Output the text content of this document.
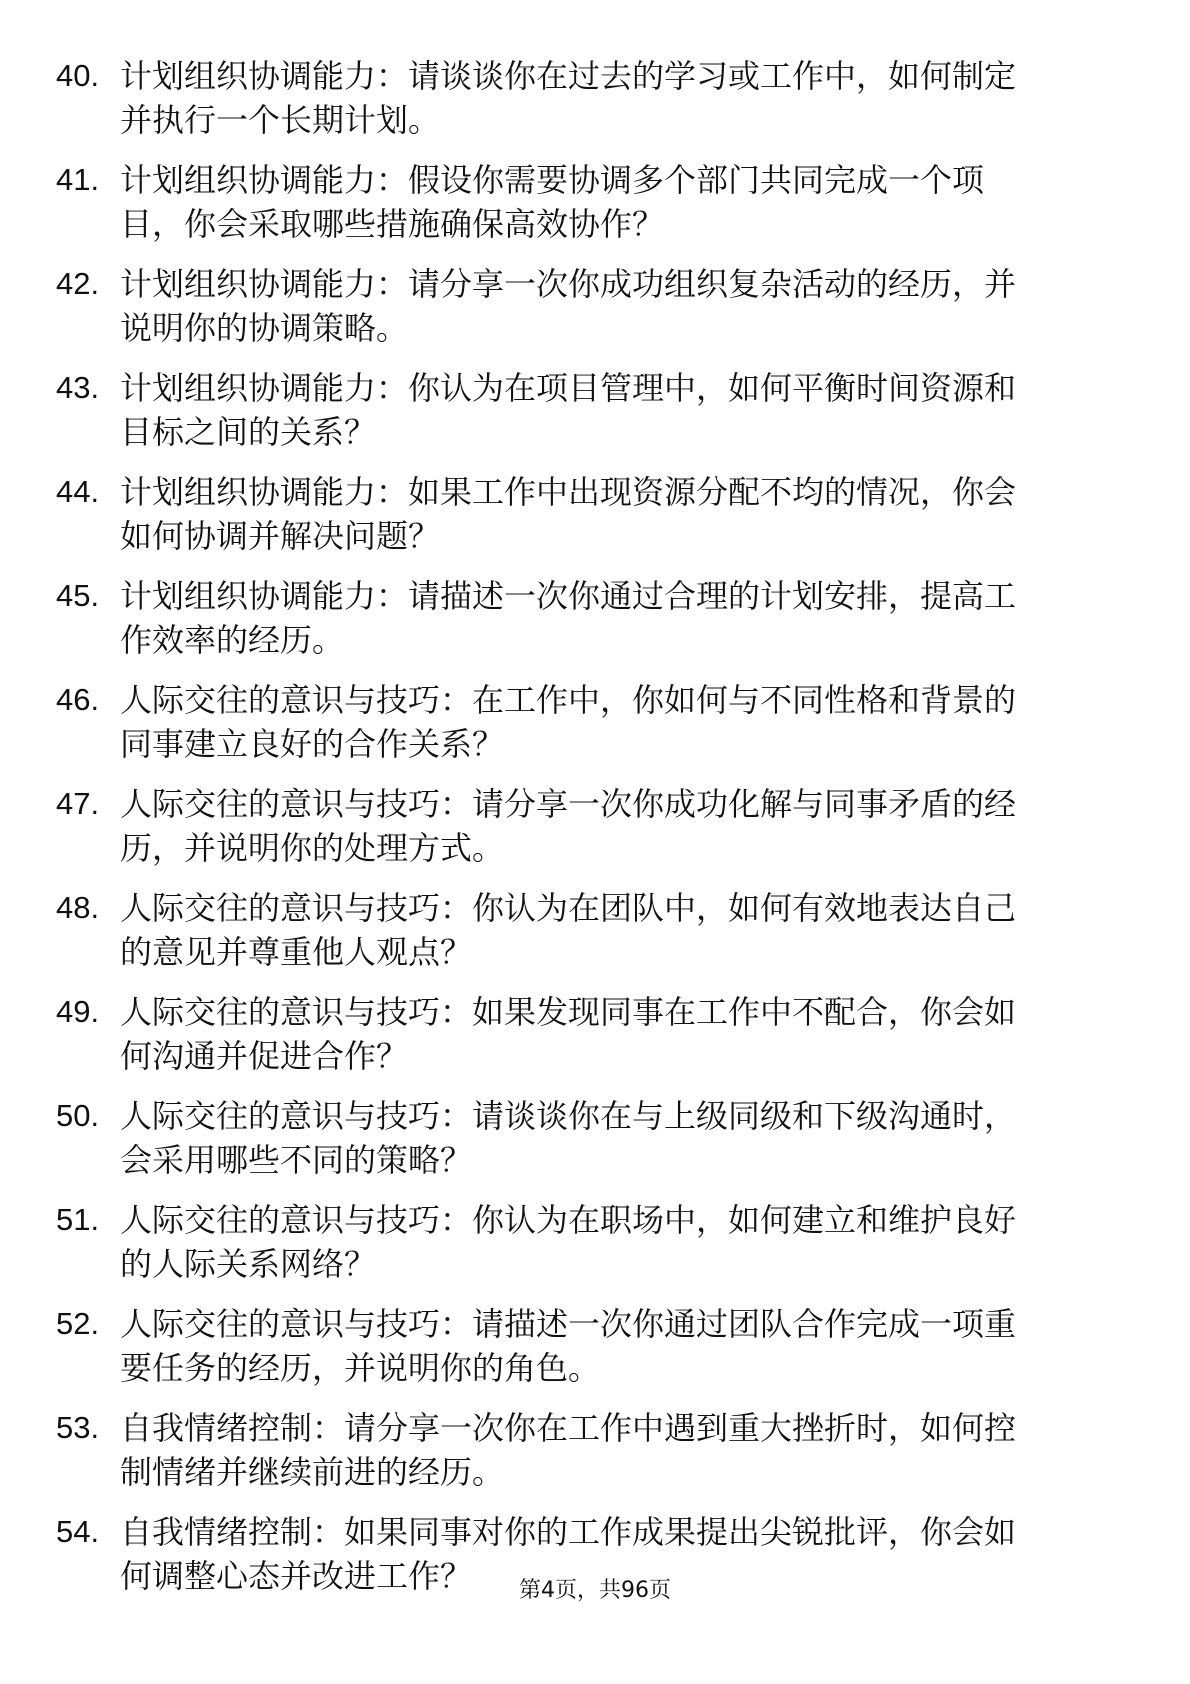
40. 计划组织协调能力：请谈谈你在过去的学习或工作中，如何制定并执行一个长期计划。
41. 计划组织协调能力：假设你需要协调多个部门共同完成一个项目，你会采取哪些措施确保高效协作？
42. 计划组织协调能力：请分享一次你成功组织复杂活动的经历，并说明你的协调策略。
43. 计划组织协调能力：你认为在项目管理中，如何平衡时间资源和目标之间的关系？
44. 计划组织协调能力：如果工作中出现资源分配不均的情况，你会如何协调并解决问题？
45. 计划组织协调能力：请描述一次你通过合理的计划安排，提高工作效率的经历。
46. 人际交往的意识与技巧：在工作中，你如何与不同性格和背景的同事建立良好的合作关系？
47. 人际交往的意识与技巧：请分享一次你成功化解与同事矛盾的经历，并说明你的处理方式。
48. 人际交往的意识与技巧：你认为在团队中，如何有效地表达自己的意见并尊重他人观点？
49. 人际交往的意识与技巧：如果发现同事在工作中不配合，你会如何沟通并促进合作？
50. 人际交往的意识与技巧：请谈谈你在与上级同级和下级沟通时，会采用哪些不同的策略？
51. 人际交往的意识与技巧：你认为在职场中，如何建立和维护良好的人际关系网络？
52. 人际交往的意识与技巧：请描述一次你通过团队合作完成一项重要任务的经历，并说明你的角色。
53. 自我情绪控制：请分享一次你在工作中遇到重大挫折时，如何控制情绪并继续前进的经历。
54. 自我情绪控制：如果同事对你的工作成果提出尖锐批评，你会如何调整心态并改进工作？	第4页，共96页
